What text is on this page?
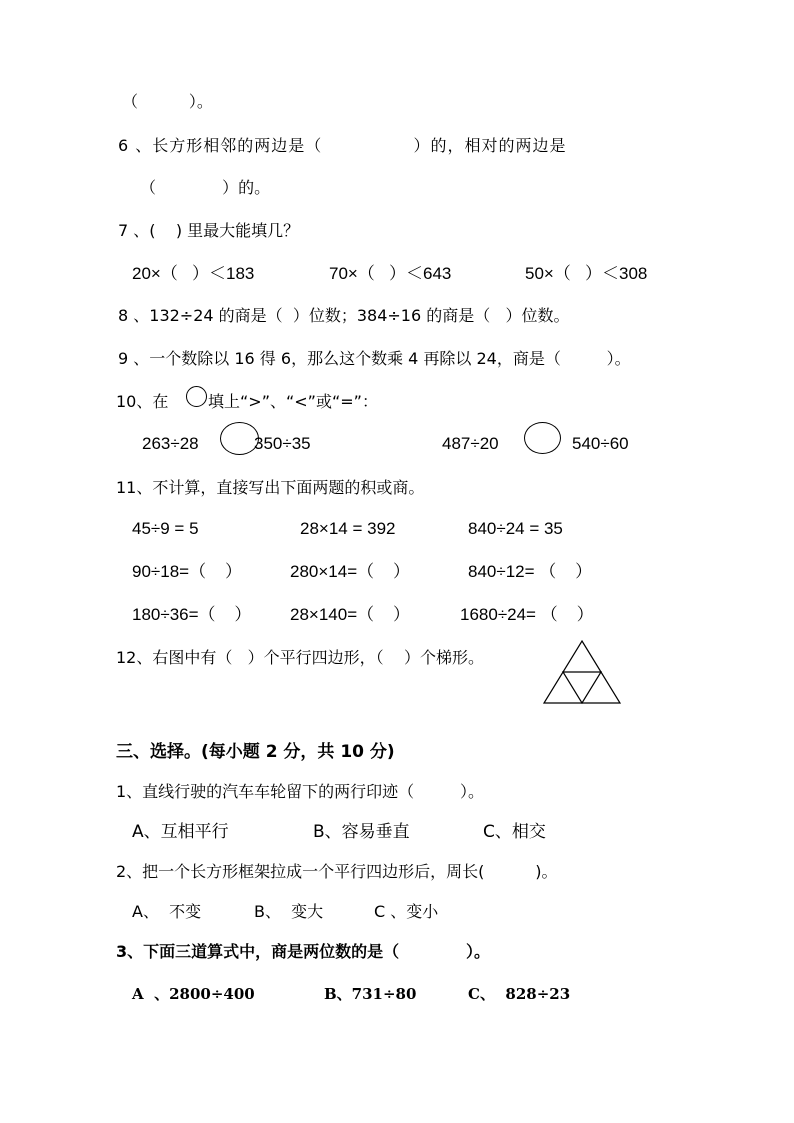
（          ）。
6 、长方形相邻的两边是（               ）的，相对的两边是
（             ）的。
7 、(    ) 里最大能填几？
20×（   ）＜183	70×（   ）＜643	50×（   ）＜308
8 、132÷24 的商是（  ）位数；384÷16 的商是（   ）位数。
9 、一个数除以 16 得 6，那么这个数乘 4 再除以 24，商是（         ）。
10、在 填上“>”、“<”或“=”：
263÷28	350÷35	487÷20	540÷60
11、不计算，直接写出下面两题的积或商。
45÷9 = 5	28×14 = 392	840÷24 = 35
90÷18=（    ）	280×14=（    ）	840÷12= （    ）
180÷36=（    ） 28×140=（    ）	1680÷24= （    ）
12、右图中有（   ）个平行四边形，（    ）个梯形。
三、选择。(每小题 2 分，共 10 分)
1、直线行驶的汽车车轮留下的两行印迹（         ）。
A、互相平行	B、容易垂直	C、相交
2、把一个长方形框架拉成一个平行四边形后，周长(          )。
A、  不变	B、  变大	C 、变小
3、下面三道算式中，商是两位数的是（            ）。
A  、2800÷400	B、731÷80	C、  828÷23
